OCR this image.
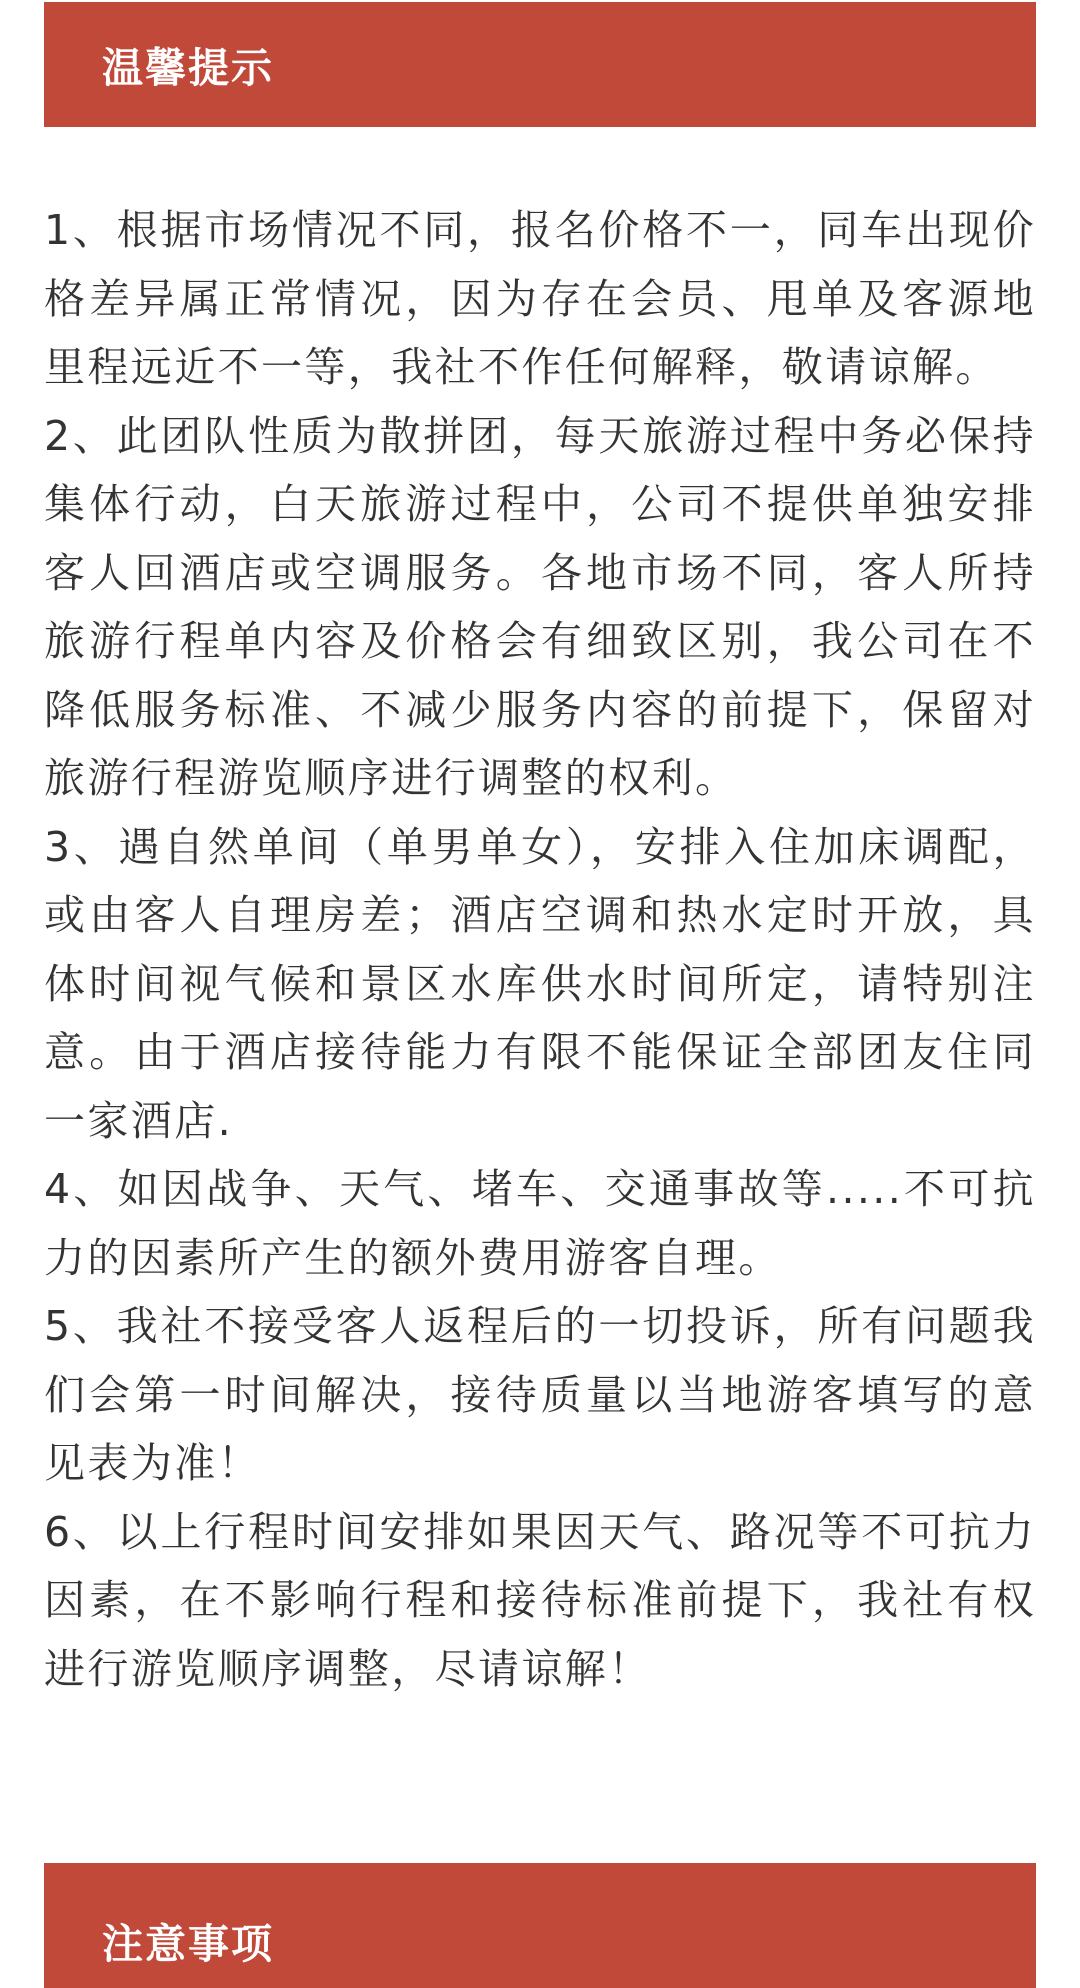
温馨提示
1、根据市场情况不同，报名价格不一，同车出现价格差异属正常情况，因为存在会员、甩单及客源地里程远近不一等，我社不作任何解释，敬请谅解。
2、此团队性质为散拼团，每天旅游过程中务必保持集体行动，白天旅游过程中，公司不提供单独安排客人回酒店或空调服务。各地市场不同，客人所持旅游行程单内容及价格会有细致区别，我公司在不降低服务标准、不减少服务内容的前提下，保留对旅游行程游览顺序进行调整的权利。
3、遇自然单间（单男单女），安排入住加床调配，或由客人自理房差；酒店空调和热水定时开放，具体时间视气候和景区水库供水时间所定，请特别注意。由于酒店接待能力有限不能保证全部团友住同一家酒店.
4、如因战争、天气、堵车、交通事故等.....不可抗力的因素所产生的额外费用游客自理。
5、我社不接受客人返程后的一切投诉，所有问题我们会第一时间解决，接待质量以当地游客填写的意见表为准！
6、以上行程时间安排如果因天气、路况等不可抗力因素，在不影响行程和接待标准前提下，我社有权进行游览顺序调整，尽请谅解！
注意事项
